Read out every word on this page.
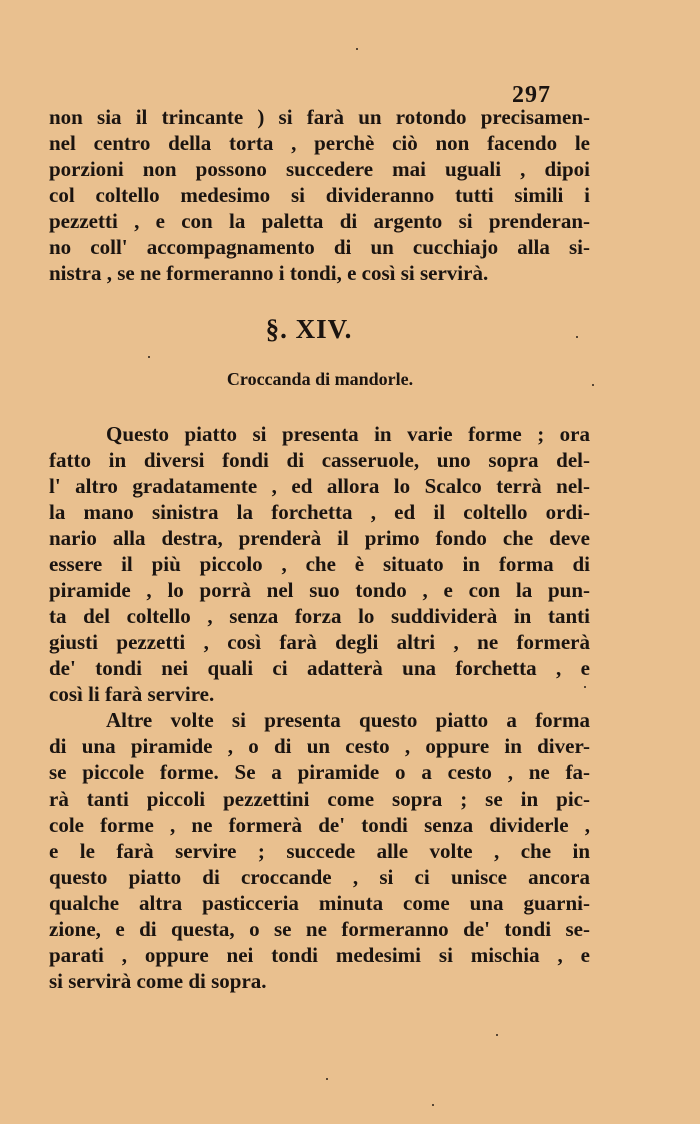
297
non sia il trincante ) si farà un rotondo precisamen-
nel centro della torta , perchè ciò non facendo le
porzioni non possono succedere mai uguali , dipoi
col coltello medesimo si divideranno tutti simili i
pezzetti , e con la paletta di argento si prenderan-
no coll' accompagnamento di un cucchiajo alla si-
nistra , se ne formeranno i tondi, e così si servirà.
§. XIV.
Croccanda di mandorle.
Questo piatto si presenta in varie forme ; ora
fatto in diversi fondi di casseruole, uno sopra del-
l' altro gradatamente , ed allora lo Scalco terrà nel-
la mano sinistra la forchetta , ed il coltello ordi-
nario alla destra, prenderà il primo fondo che deve
essere il più piccolo , che è situato in forma di
piramide , lo porrà nel suo tondo , e con la pun-
ta del coltello , senza forza lo suddividerà in tanti
giusti pezzetti , così farà degli altri , ne formerà
de' tondi nei quali ci adatterà una forchetta , e
così li farà servire.
Altre volte si presenta questo piatto a forma
di una piramide , o di un cesto , oppure in diver-
se piccole forme. Se a piramide o a cesto , ne fa-
rà tanti piccoli pezzettini come sopra ; se in pic-
cole forme , ne formerà de' tondi senza dividerle ,
e le farà servire ; succede alle volte , che in
questo piatto di croccande , si ci unisce ancora
qualche altra pasticceria minuta come una guarni-
zione, e di questa, o se ne formeranno de' tondi se-
parati , oppure nei tondi medesimi si mischia , e
si servirà come di sopra.
